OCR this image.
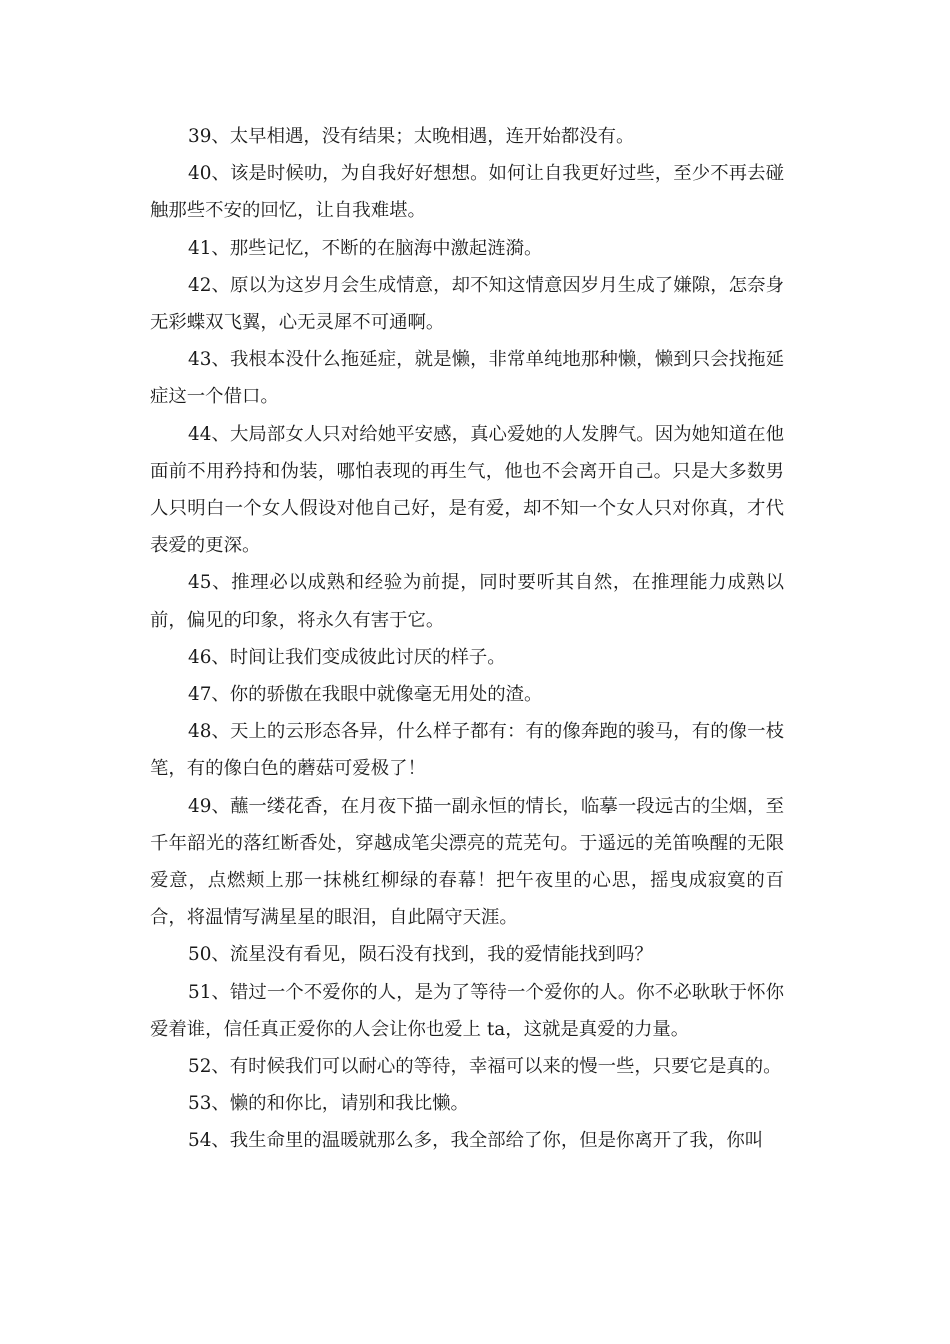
39、太早相遇，没有结果；太晚相遇，连开始都没有。

40、该是时候叻，为自我好好想想。如何让自我更好过些，至少不再去碰触那些不安的回忆，让自我难堪。

41、那些记忆，不断的在脑海中激起涟漪。

42、原以为这岁月会生成情意，却不知这情意因岁月生成了嫌隙，怎奈身无彩蝶双飞翼，心无灵犀不可通啊。

43、我根本没什么拖延症，就是懒，非常单纯地那种懒，懒到只会找拖延症这一个借口。

44、大局部女人只对给她平安感，真心爱她的人发脾气。因为她知道在他面前不用矜持和伪装，哪怕表现的再生气，他也不会离开自己。只是大多数男人只明白一个女人假设对他自己好，是有爱，却不知一个女人只对你真，才代表爱的更深。

45、推理必以成熟和经验为前提，同时要听其自然，在推理能力成熟以前，偏见的印象，将永久有害于它。

46、时间让我们变成彼此讨厌的样子。

47、你的骄傲在我眼中就像毫无用处的渣。

48、天上的云形态各异，什么样子都有：有的像奔跑的骏马，有的像一枝笔，有的像白色的蘑菇可爱极了！

49、蘸一缕花香，在月夜下描一副永恒的情长，临摹一段远古的尘烟，至千年韶光的落红断香处，穿越成笔尖漂亮的荒芜句。于遥远的羌笛唤醒的无限爱意，点燃颊上那一抹桃红柳绿的春幕！把午夜里的心思，摇曳成寂寞的百合，将温情写满星星的眼泪，自此隔守天涯。

50、流星没有看见，陨石没有找到，我的爱情能找到吗？

51、错过一个不爱你的人，是为了等待一个爱你的人。你不必耿耿于怀你爱着谁，信任真正爱你的人会让你也爱上 ta，这就是真爱的力量。

52、有时候我们可以耐心的等待，幸福可以来的慢一些，只要它是真的。

53、懒的和你比，请别和我比懒。

54、我生命里的温暖就那么多，我全部给了你，但是你离开了我，你叫
